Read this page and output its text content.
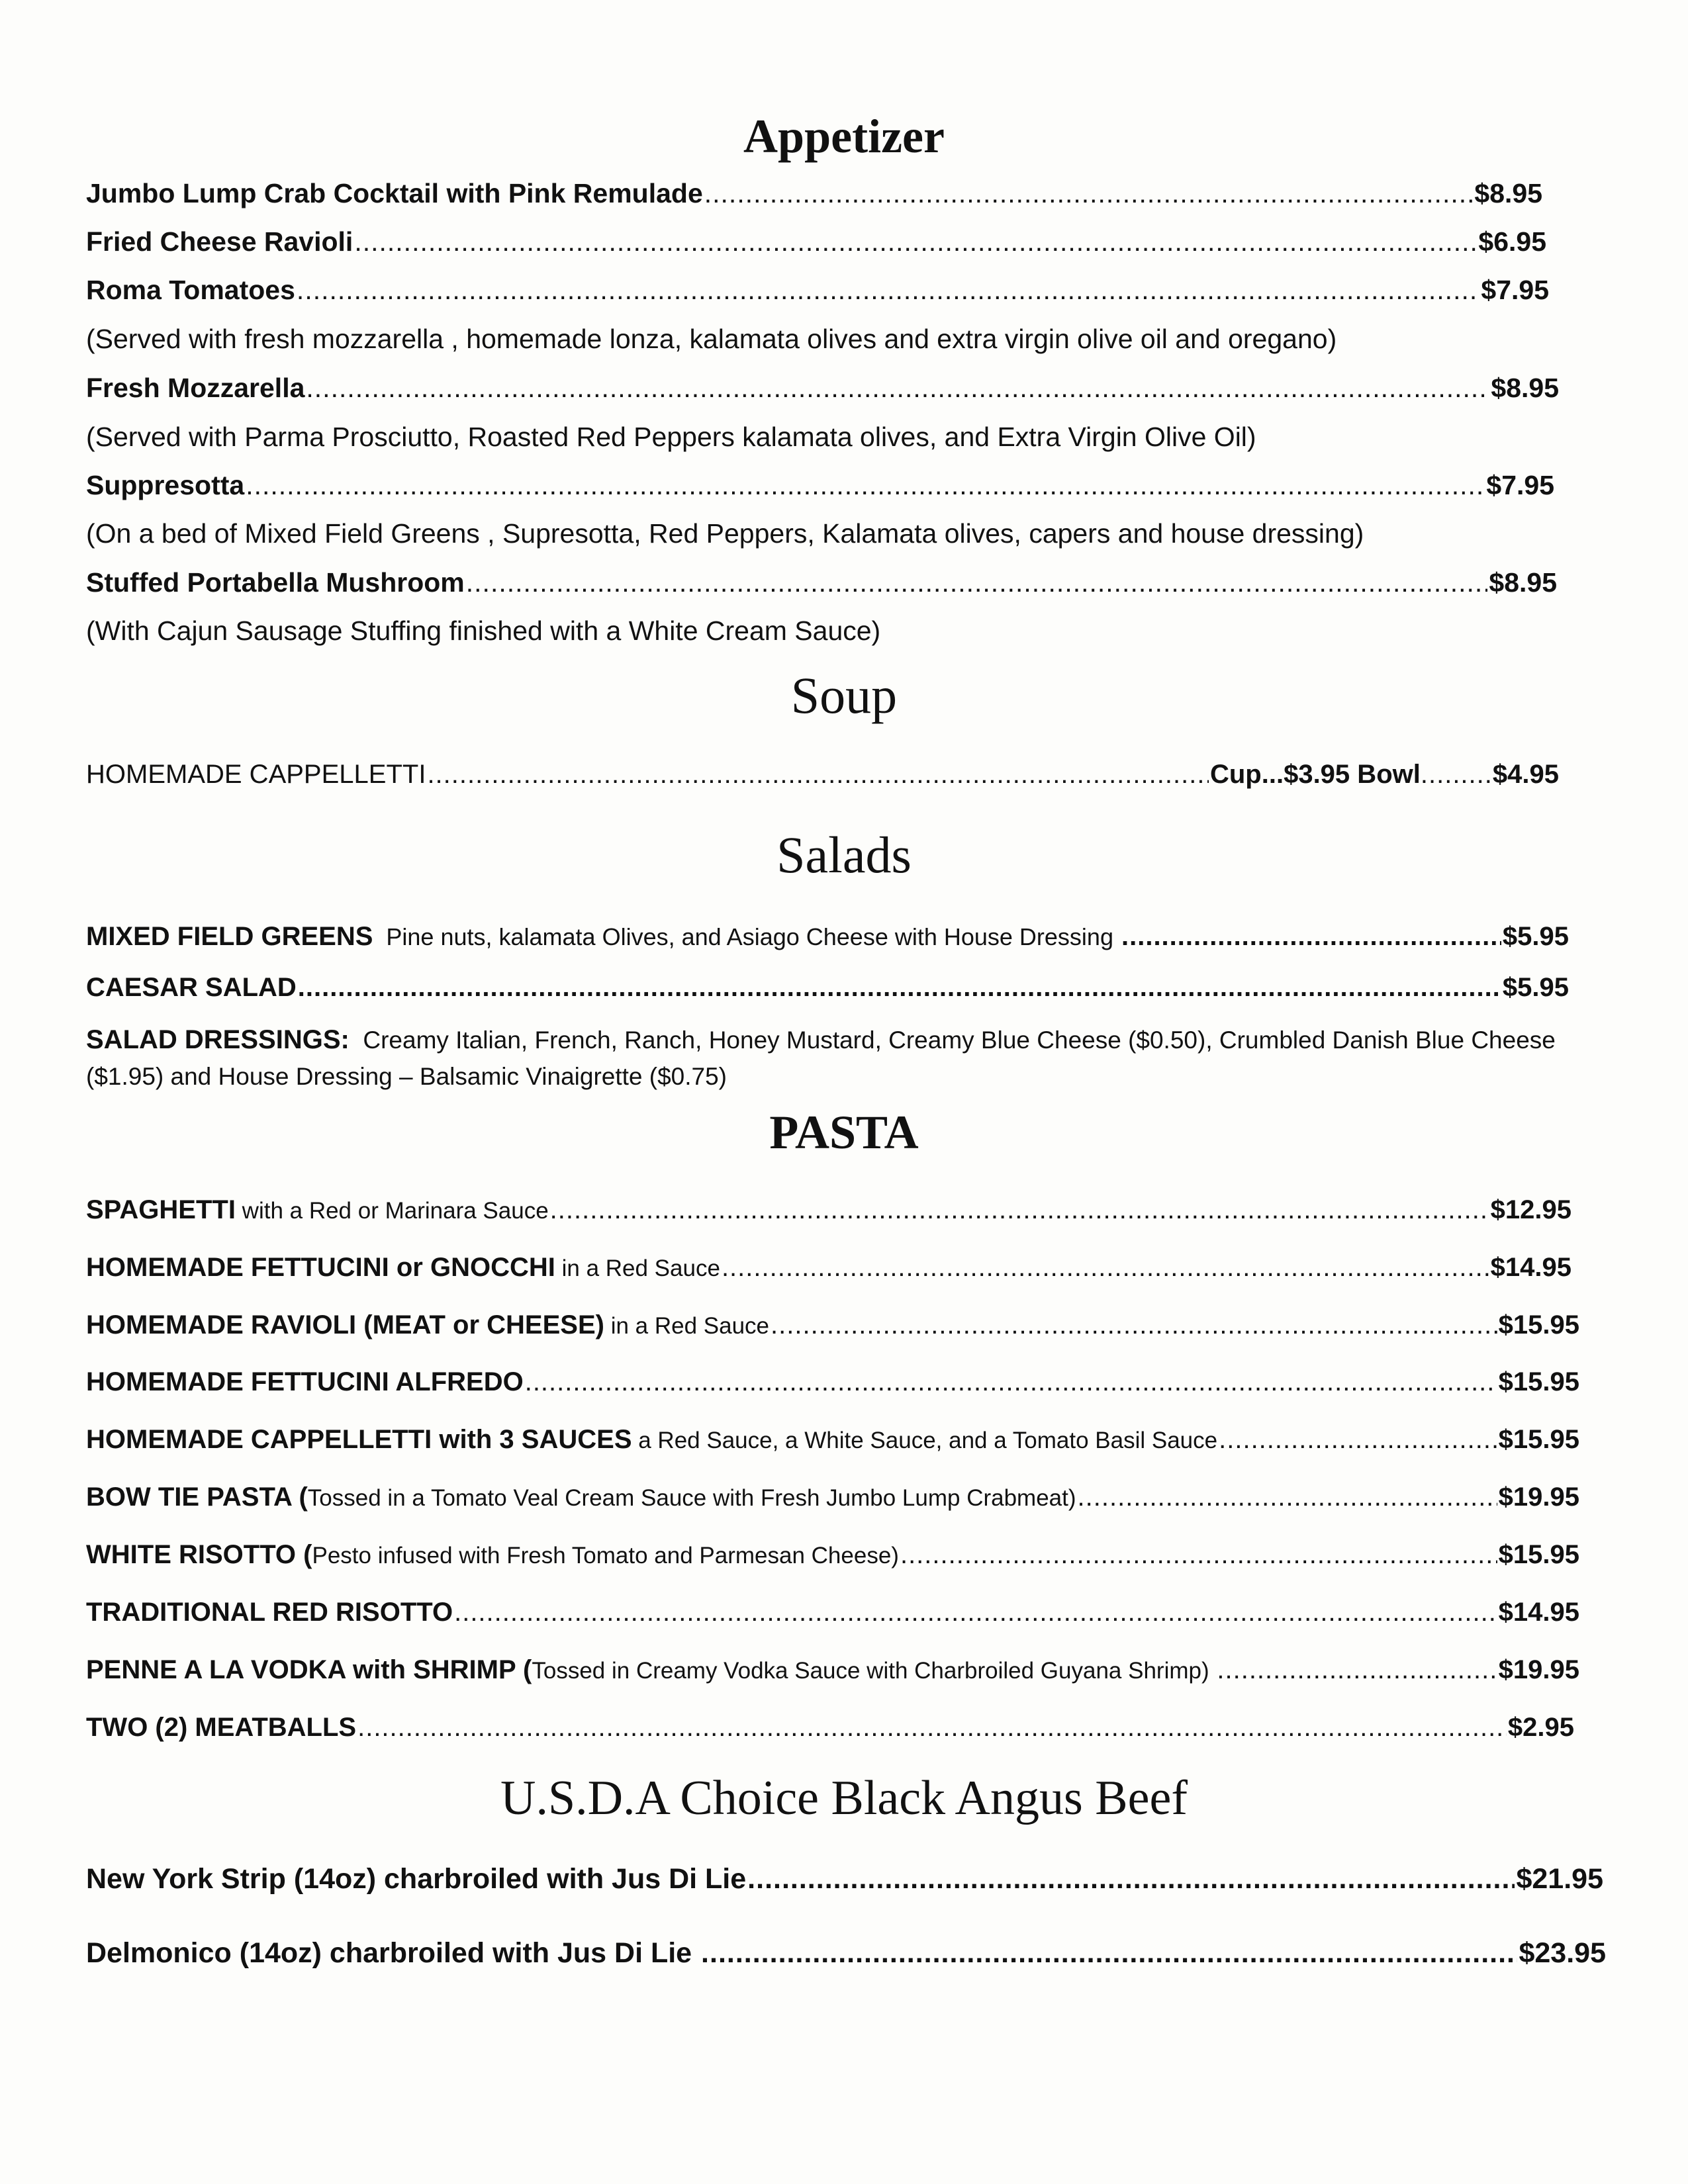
Appetizer
Jumbo Lump Crab Cocktail with Pink Remulade .....	$8.95
Fried Cheese Ravioli .....	$6.95
Roma Tomatoes .....	$7.95
(Served with fresh mozzarella , homemade lonza, kalamata olives and extra virgin olive oil and oregano)
Fresh Mozzarella .....	$8.95
(Served with Parma Prosciutto, Roasted Red Peppers kalamata olives, and Extra Virgin Olive Oil)
Suppresotta .....	$7.95
(On a bed of Mixed Field Greens , Supresotta, Red Peppers, Kalamata olives, capers and house dressing)
Stuffed Portabella Mushroom .....	$8.95
(With Cajun Sausage Stuffing finished with a White Cream Sauce)
Soup
HOMEMADE CAPPELLETTI .....	Cup... $3.95 Bowl ......... $4.95
Salads
MIXED FIELD GREENS Pine nuts, kalamata Olives, and Asiago Cheese with House Dressing .....	$5.95
CAESAR SALAD .....	$5.95
SALAD DRESSINGS:  Creamy Italian, French, Ranch, Honey Mustard, Creamy Blue Cheese ($0.50), Crumbled Danish Blue Cheese ($1.95) and House Dressing – Balsamic Vinaigrette ($0.75)
PASTA
SPAGHETTI with a Red or Marinara Sauce .....	$12.95
HOMEMADE FETTUCINI or GNOCCHI in a Red Sauce .....	$14.95
HOMEMADE RAVIOLI (MEAT or CHEESE) in a Red Sauce .....	$15.95
HOMEMADE FETTUCINI ALFREDO .....	$15.95
HOMEMADE CAPPELLETTI with 3 SAUCES a Red Sauce, a White Sauce, and a Tomato Basil Sauce .....	$15.95
BOW TIE PASTA ( Tossed in a Tomato Veal Cream Sauce with Fresh Jumbo Lump Crabmeat) .....	$19.95
WHITE RISOTTO ( Pesto infused with Fresh Tomato and Parmesan Cheese) .....	$15.95
TRADITIONAL RED RISOTTO .....	$14.95
PENNE A LA VODKA with SHRIMP ( Tossed in Creamy Vodka Sauce with Charbroiled Guyana Shrimp) .....	$19.95
TWO (2) MEATBALLS .....	$2.95
U.S.D.A Choice Black Angus Beef
New York Strip (14oz) charbroiled with Jus Di Lie .....	$21.95
Delmonico (14oz) charbroiled with Jus Di Lie .....	$23.95
